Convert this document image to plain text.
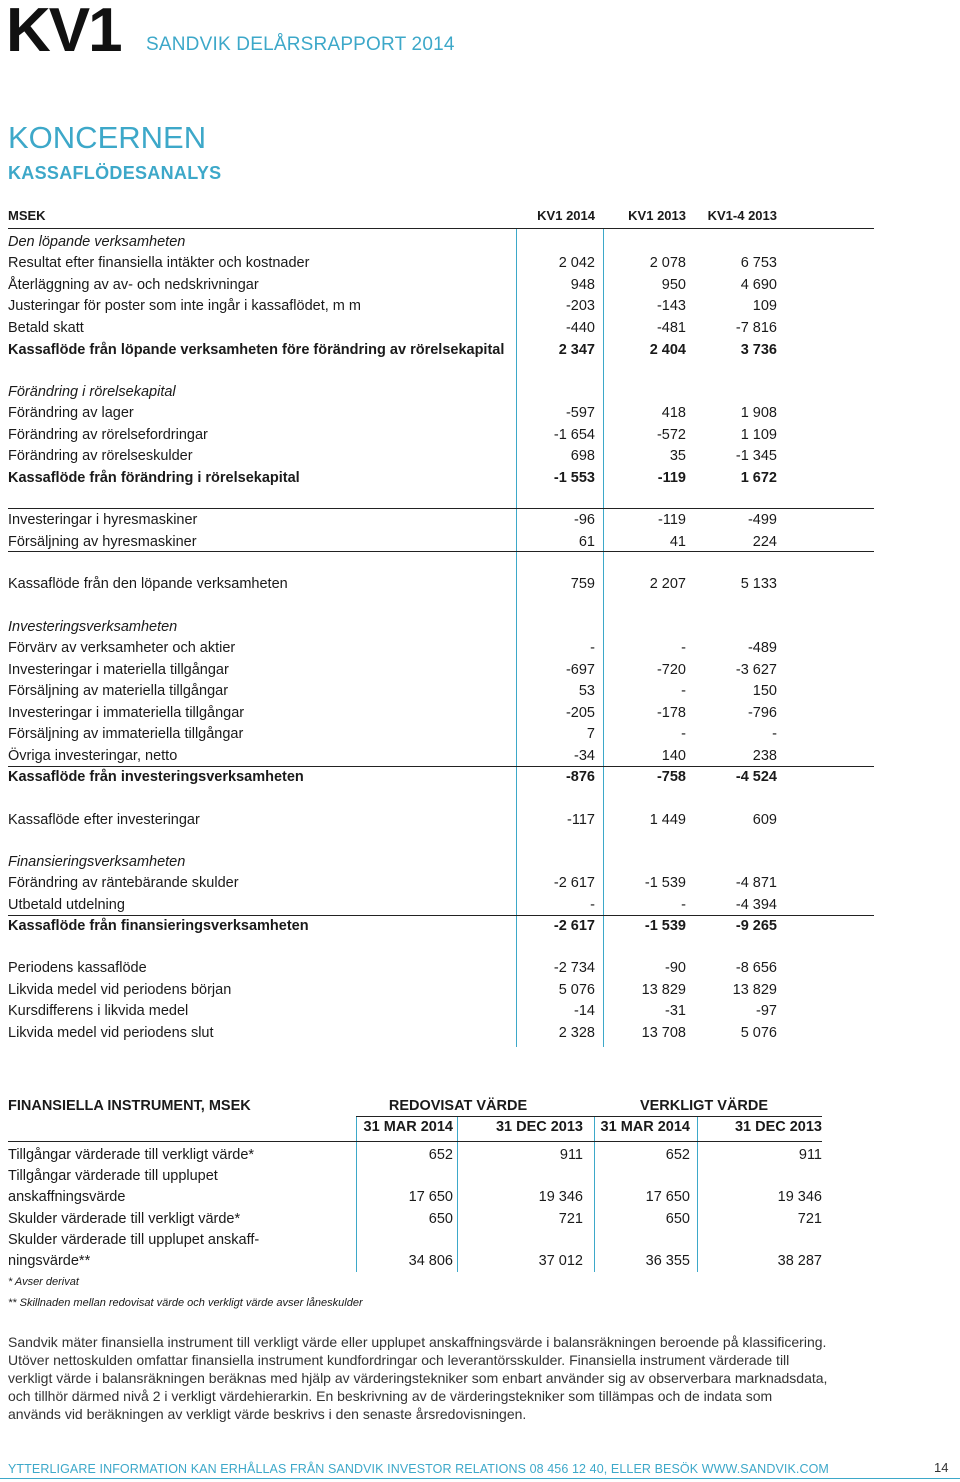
KV1 SANDVIK DELÅRSRAPPORT 2014
KONCERNEN
KASSAFLÖDESANALYS
MSEK	KV1 2014	KV1 2013	KV1-4 2013
Den löpande verksamheten
Resultat efter finansiella intäkter och kostnader	2 042	2 078	6 753
Återläggning av av- och nedskrivningar	948	950	4 690
Justeringar för poster som inte ingår i kassaflödet, m m	-203	-143	109
Betald skatt	-440	-481	-7 816
Kassaflöde från löpande verksamheten före förändring av rörelsekapital	2 347	2 404	3 736
Förändring i rörelsekapital
Förändring av lager	-597	418	1 908
Förändring av rörelsefordringar	-1 654	-572	1 109
Förändring av rörelseskulder	698	35	-1 345
Kassaflöde från förändring i rörelsekapital	-1 553	-119	1 672
Investeringar i hyresmaskiner	-96	-119	-499
Försäljning av hyresmaskiner	61	41	224
Kassaflöde från den löpande verksamheten	759	2 207	5 133
Investeringsverksamheten
Förvärv av verksamheter och aktier	-	-	-489
Investeringar i materiella tillgångar	-697	-720	-3 627
Försäljning av materiella tillgångar	53	-	150
Investeringar i immateriella tillgångar	-205	-178	-796
Försäljning av immateriella tillgångar	7	-	-
Övriga investeringar, netto	-34	140	238
Kassaflöde från investeringsverksamheten	-876	-758	-4 524
Kassaflöde efter investeringar	-117	1 449	609
Finansieringsverksamheten
Förändring av räntebärande skulder	-2 617	-1 539	-4 871
Utbetald utdelning	-	-	-4 394
Kassaflöde från finansieringsverksamheten	-2 617	-1 539	-9 265
Periodens kassaflöde	-2 734	-90	-8 656
Likvida medel vid periodens början	5 076	13 829	13 829
Kursdifferens i likvida medel	-14	-31	-97
Likvida medel vid periodens slut	2 328	13 708	5 076
FINANSIELLA INSTRUMENT, MSEK	REDOVISAT VÄRDE	VERKLIGT VÄRDE
31 MAR 2014	31 DEC 2013	31 MAR 2014	31 DEC 2013
Tillgångar värderade till verkligt värde*	652	911	652	911
Tillgångar värderade till upplupet
anskaffningsvärde	17 650	19 346	17 650	19 346
Skulder värderade till verkligt värde*	650	721	650	721
Skulder värderade till upplupet anskaff-
ningsvärde**	34 806	37 012	36 355	38 287
* Avser derivat
** Skillnaden mellan redovisat värde och verkligt värde avser låneskulder
Sandvik mäter finansiella instrument till verkligt värde eller upplupet anskaffningsvärde i balansräkningen beroende på klassificering. Utöver nettoskulden omfattar finansiella instrument kundfordringar och leverantörsskulder. Finansiella instrument värderade till verkligt värde i balansräkningen beräknas med hjälp av värderingstekniker som enbart använder sig av observerbara marknadsdata, och tillhör därmed nivå 2 i verkligt värdehierarkin. En beskrivning av de värderingstekniker som tillämpas och de indata som används vid beräkningen av verkligt värde beskrivs i den senaste årsredovisningen.
YTTERLIGARE INFORMATION KAN ERHÅLLAS FRÅN SANDVIK INVESTOR RELATIONS 08 456 12 40, ELLER BESÖK WWW.SANDVIK.COM	14
